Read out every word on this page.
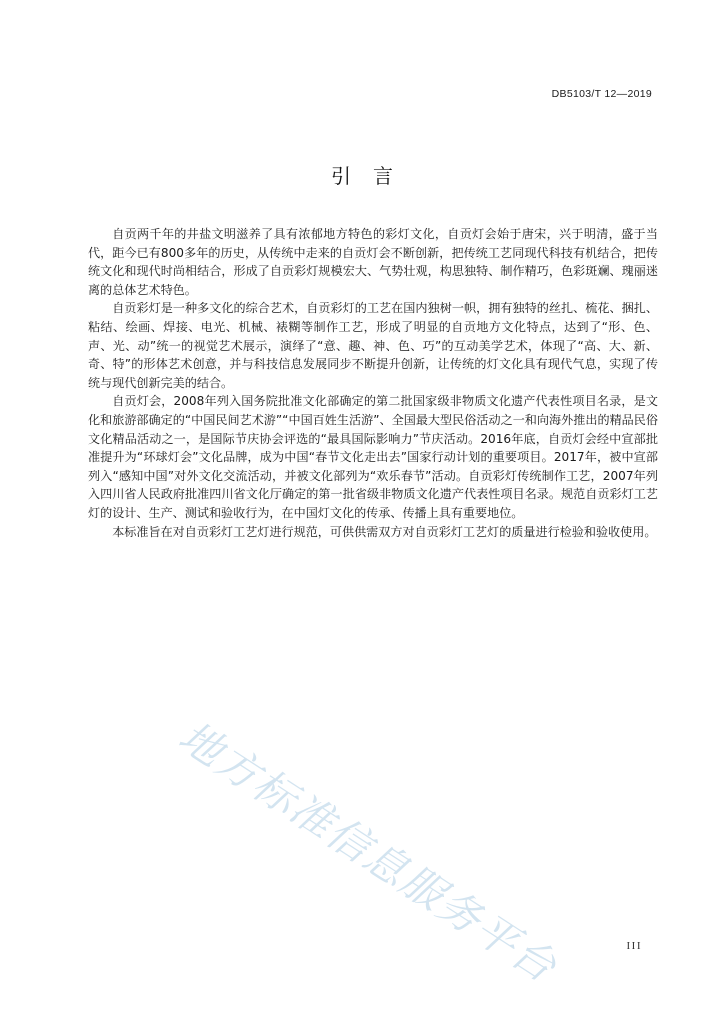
DB5103/T 12—2019
引言

自贡两千年的井盐文明滋养了具有浓郁地方特色的彩灯文化，自贡灯会始于唐宋，兴于明清，盛于当代，距今已有800多年的历史，从传统中走来的自贡灯会不断创新，把传统工艺同现代科技有机结合，把传统文化和现代时尚相结合，形成了自贡彩灯规模宏大、气势壮观，构思独特、制作精巧，色彩斑斓、瑰丽迷离的总体艺术特色。

自贡彩灯是一种多文化的综合艺术，自贡彩灯的工艺在国内独树一帜，拥有独特的丝扎、梳花、捆扎、粘结、绘画、焊接、电光、机械、裱糊等制作工艺，形成了明显的自贡地方文化特点，达到了“形、色、声、光、动”统一的视觉艺术展示，演绎了“意、趣、神、色、巧”的互动美学艺术，体现了“高、大、新、奇、特”的形体艺术创意，并与科技信息发展同步不断提升创新，让传统的灯文化具有现代气息，实现了传统与现代创新完美的结合。

自贡灯会，2008年列入国务院批准文化部确定的第二批国家级非物质文化遗产代表性项目名录，是文化和旅游部确定的“中国民间艺术游”“中国百姓生活游”、全国最大型民俗活动之一和向海外推出的精品民俗文化精品活动之一，是国际节庆协会评选的“最具国际影响力”节庆活动。2016年底，自贡灯会经中宣部批准提升为“环球灯会”文化品牌，成为中国“春节文化走出去”国家行动计划的重要项目。2017年，被中宣部列入“感知中国”对外文化交流活动，并被文化部列为“欢乐春节”活动。自贡彩灯传统制作工艺，2007年列入四川省人民政府批准四川省文化厅确定的第一批省级非物质文化遗产代表性项目名录。规范自贡彩灯工艺灯的设计、生产、测试和验收行为，在中国灯文化的传承、传播上具有重要地位。

本标准旨在对自贡彩灯工艺灯进行规范，可供供需双方对自贡彩灯工艺灯的质量进行检验和验收使用。

地方标准信息服务平台	III
